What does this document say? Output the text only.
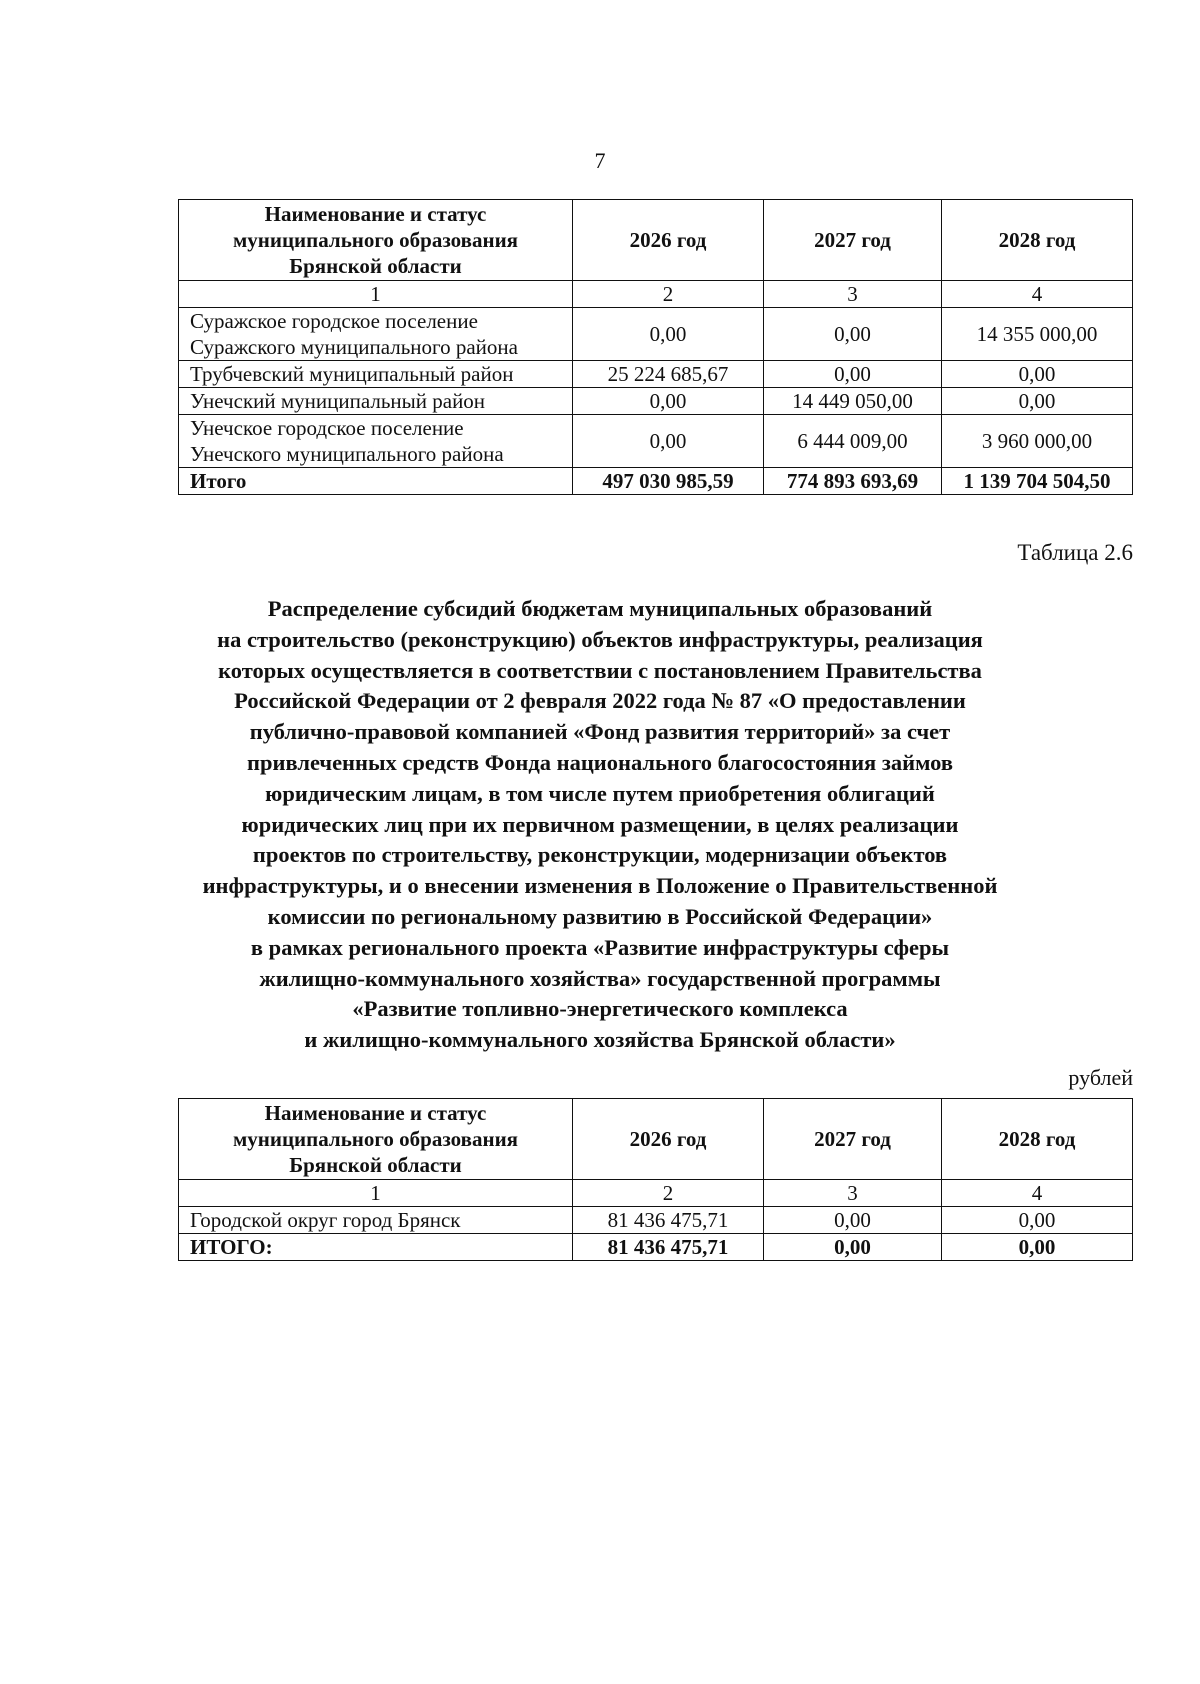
7
Наименование и статус
муниципального образования
Брянской области	2026 год	2027 год	2028 год
1	2	3	4

Суражское городское поселение
Суражского муниципального района	0,00	0,00	14 355 000,00
Трубчевский муниципальный район	25 224 685,67	0,00	0,00
Унечский муниципальный район	0,00	14 449 050,00	0,00

Унечское городское поселение
Унечского муниципального района	0,00	6 444 009,00	3 960 000,00
Итого	497 030 985,59	774 893 693,69	1 139 704 504,50
Таблица 2.6
Распределение субсидий бюджетам муниципальных образований
на строительство (реконструкцию) объектов инфраструктуры, реализация
которых осуществляется в соответствии с постановлением Правительства
Российской Федерации от 2 февраля 2022 года № 87 «О предоставлении
публично-правовой компанией «Фонд развития территорий» за счет
привлеченных средств Фонда национального благосостояния займов
юридическим лицам, в том числе путем приобретения облигаций
юридических лиц при их первичном размещении, в целях реализации
проектов по строительству, реконструкции, модернизации объектов
инфраструктуры, и о внесении изменения в Положение о Правительственной
комиссии по региональному развитию в Российской Федерации»
в рамках регионального проекта «Развитие инфраструктуры сферы
жилищно-коммунального хозяйства» государственной программы
«Развитие топливно-энергетического комплекса
и жилищно-коммунального хозяйства Брянской области»
рублей
Наименование и статус
муниципального образования
Брянской области	2026 год	2027 год	2028 год
1	2	3	4
Городской округ город Брянск	81 436 475,71	0,00	0,00
ИТОГО:	81 436 475,71	0,00	0,00
